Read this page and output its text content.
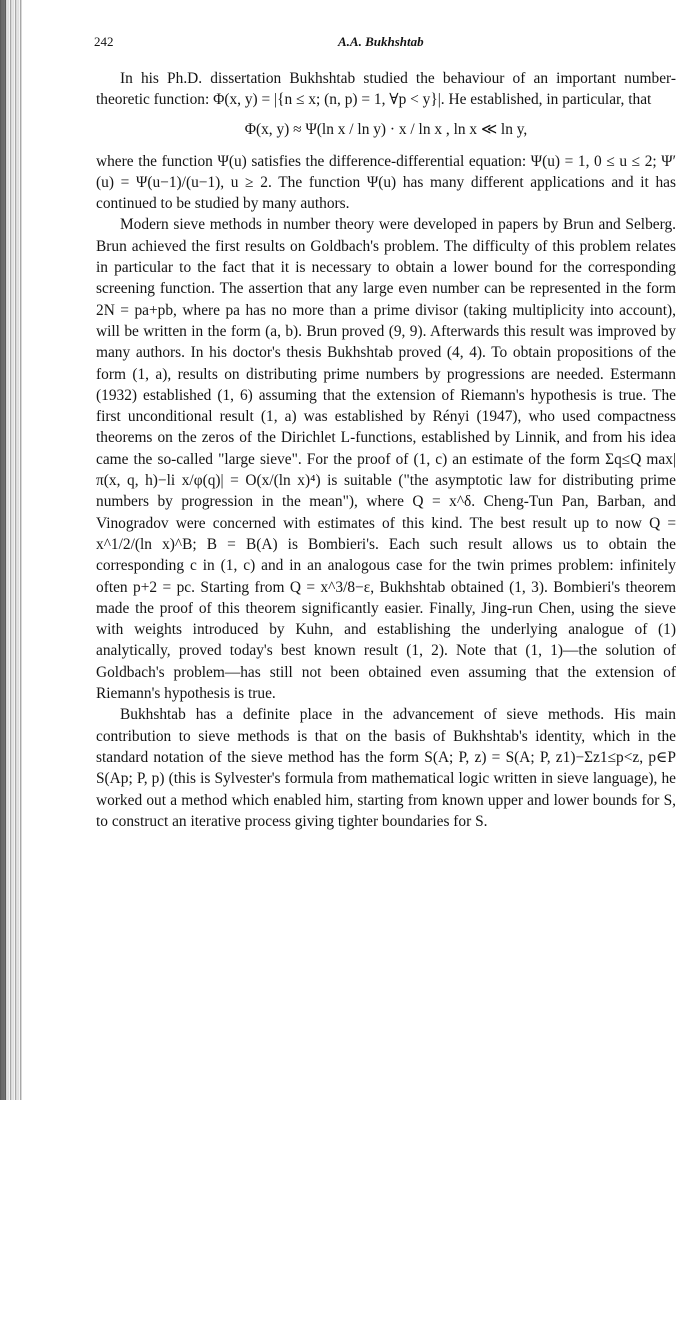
242	A.A. Bukhshtab

In his Ph.D. dissertation Bukhshtab studied the behaviour of an important number-theoretic function: Φ(x, y) = |{n ≤ x; (n, p) = 1, ∀p < y}|. He established, in particular, that

Φ(x, y) ≈ Ψ(ln x / ln y) · x / ln x , ln x ≪ ln y,

where the function Ψ(u) satisfies the difference-differential equation: Ψ(u) = 1, 0 ≤ u ≤ 2; Ψ′(u) = Ψ(u−1)/(u−1), u ≥ 2. The function Ψ(u) has many different applications and it has continued to be studied by many authors.

Modern sieve methods in number theory were developed in papers by Brun and Selberg. Brun achieved the first results on Goldbach's problem. The difficulty of this problem relates in particular to the fact that it is necessary to obtain a lower bound for the corresponding screening function. The assertion that any large even number can be represented in the form 2N = pa+pb, where pa has no more than a prime divisor (taking multiplicity into account), will be written in the form (a, b). Brun proved (9, 9). Afterwards this result was improved by many authors. In his doctor's thesis Bukhshtab proved (4, 4). To obtain propositions of the form (1, a), results on distributing prime numbers by progressions are needed. Estermann (1932) established (1, 6) assuming that the extension of Riemann's hypothesis is true. The first unconditional result (1, a) was established by Rényi (1947), who used compactness theorems on the zeros of the Dirichlet L-functions, established by Linnik, and from his idea came the so-called "large sieve". For the proof of (1, c) an estimate of the form Σq≤Q max|π(x, q, h)−li x/φ(q)| = O(x/(ln x)⁴) is suitable ("the asymptotic law for distributing prime numbers by progression in the mean"), where Q = x^δ. Cheng-Tun Pan, Barban, and Vinogradov were concerned with estimates of this kind. The best result up to now Q = x^1/2/(ln x)^B; B = B(A) is Bombieri's. Each such result allows us to obtain the corresponding c in (1, c) and in an analogous case for the twin primes problem: infinitely often p+2 = pc. Starting from Q = x^3/8−ε, Bukhshtab obtained (1, 3). Bombieri's theorem made the proof of this theorem significantly easier. Finally, Jing-run Chen, using the sieve with weights introduced by Kuhn, and establishing the underlying analogue of (1) analytically, proved today's best known result (1, 2). Note that (1, 1)—the solution of Goldbach's problem—has still not been obtained even assuming that the extension of Riemann's hypothesis is true.

Bukhshtab has a definite place in the advancement of sieve methods. His main contribution to sieve methods is that on the basis of Bukhshtab's identity, which in the standard notation of the sieve method has the form S(A; P, z) = S(A; P, z1)−Σz1≤p<z, p∈P S(Ap; P, p) (this is Sylvester's formula from mathematical logic written in sieve language), he worked out a method which enabled him, starting from known upper and lower bounds for S, to construct an iterative process giving tighter boundaries for S.
